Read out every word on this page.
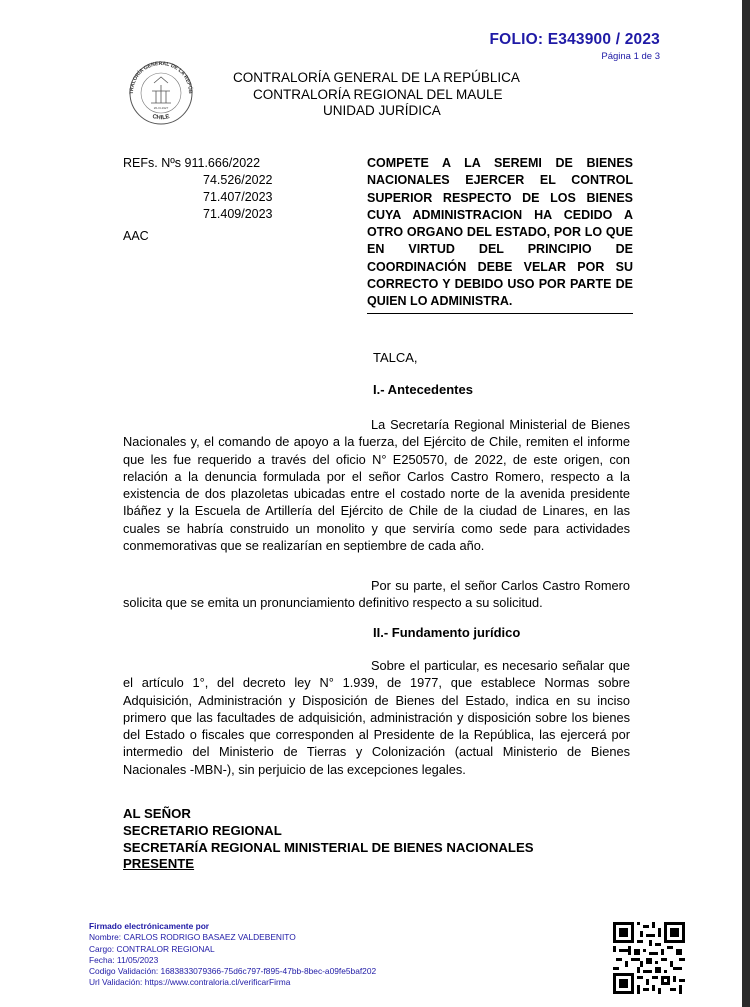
FOLIO: E343900 / 2023
Página 1 de 3
TRALORÍA GENERAL DE LA REPÚB
CHILE
26-III-1927
CONTRALORÍA GENERAL DE LA REPÚBLICA
CONTRALORÍA REGIONAL DEL MAULE
UNIDAD JURÍDICA
REFs. Nºs 911.666/2022
74.526/2022
71.407/2023
71.409/2023
AAC
COMPETE A LA SEREMI DE BIENES NACIONALES EJERCER EL CONTROL SUPERIOR RESPECTO DE LOS BIENES CUYA ADMINISTRACION HA CEDIDO A OTRO ORGANO DEL ESTADO, POR LO QUE EN VIRTUD DEL PRINCIPIO DE COORDINACIÓN DEBE VELAR POR SU CORRECTO Y DEBIDO USO POR PARTE DE QUIEN LO ADMINISTRA.
TALCA,
I.- Antecedentes
La Secretaría Regional Ministerial de Bienes Nacionales y, el comando de apoyo a la fuerza, del Ejército de Chile, remiten el informe que les fue requerido a través del oficio N° E250570, de 2022, de este origen, con relación a la denuncia formulada por el señor Carlos Castro Romero, respecto a la existencia de dos plazoletas ubicadas entre el costado norte de la avenida presidente Ibáñez y la Escuela de Artillería del Ejército de Chile de la ciudad de Linares, en las cuales se habría construido un monolito y que serviría como sede para actividades conmemorativas que se realizarían en septiembre de cada año.
Por su parte, el señor Carlos Castro Romero solicita que se emita un pronunciamiento definitivo respecto a su solicitud.
II.- Fundamento jurídico
Sobre el particular, es necesario señalar que el artículo 1°, del decreto ley N° 1.939, de 1977, que establece Normas sobre Adquisición, Administración y Disposición de Bienes del Estado, indica en su inciso primero que las facultades de adquisición, administración y disposición sobre los bienes del Estado o fiscales que corresponden al Presidente de la República, las ejercerá por intermedio del Ministerio de Tierras y Colonización (actual Ministerio de Bienes Nacionales -MBN-), sin perjuicio de las excepciones legales.
AL SEÑOR
SECRETARIO REGIONAL
SECRETARÍA REGIONAL MINISTERIAL DE BIENES NACIONALES
PRESENTE
Firmado electrónicamente por
Nombre: CARLOS RODRIGO BASAEZ VALDEBENITO
Cargo: CONTRALOR REGIONAL
Fecha: 11/05/2023
Codigo Validación: 1683833079366-75d6c797-f895-47bb-8bec-a09fe5baf202
Url Validación: https://www.contraloria.cl/verificarFirma
